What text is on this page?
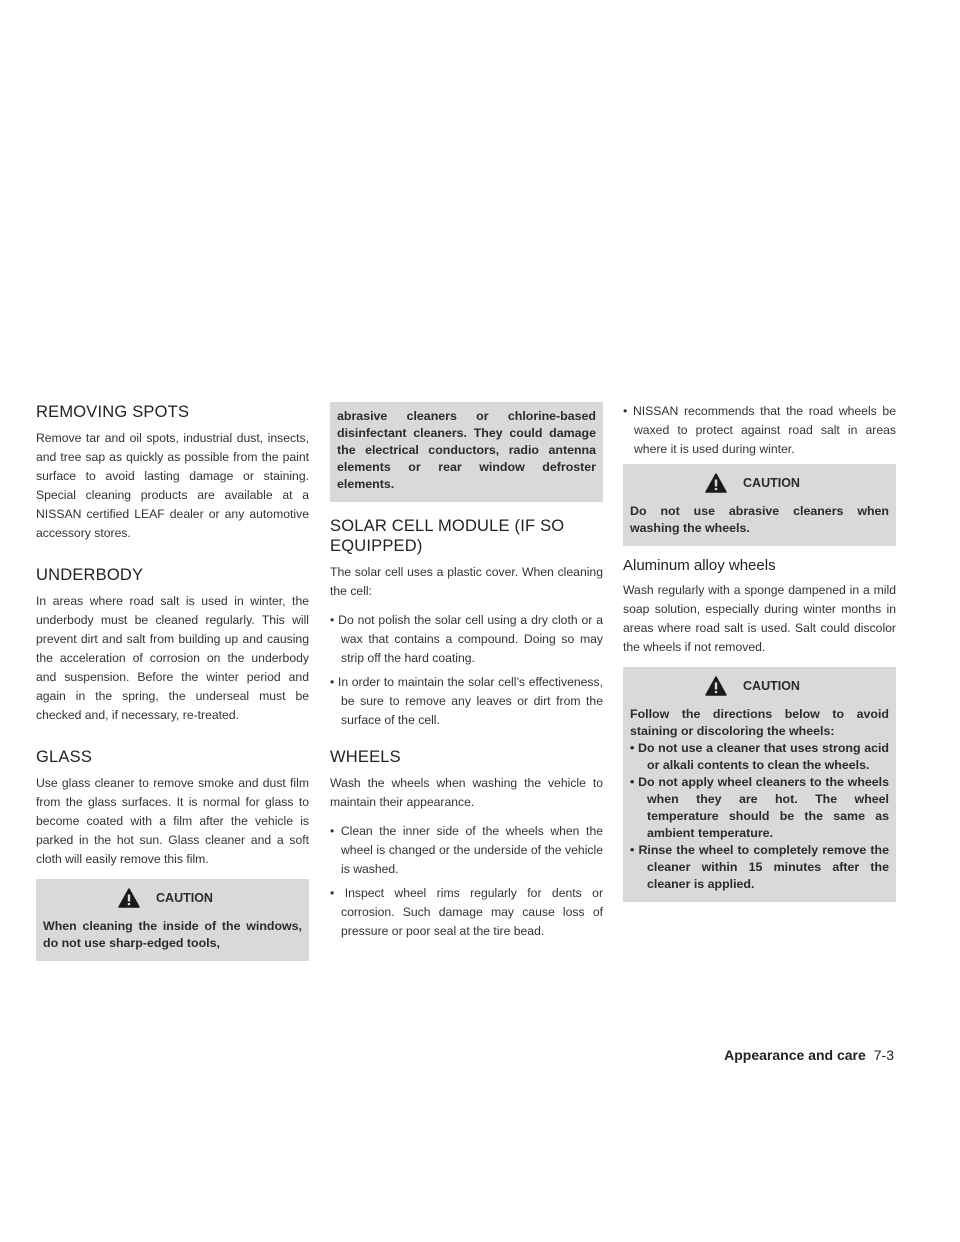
REMOVING SPOTS

Remove tar and oil spots, industrial dust, insects, and tree sap as quickly as possible from the paint surface to avoid lasting damage or staining. Special cleaning products are available at a NISSAN certified LEAF dealer or any automotive accessory stores.

UNDERBODY

In areas where road salt is used in winter, the underbody must be cleaned regularly. This will prevent dirt and salt from building up and causing the acceleration of corrosion on the underbody and suspension. Before the winter period and again in the spring, the underseal must be checked and, if necessary, re-treated.

GLASS

Use glass cleaner to remove smoke and dust film from the glass surfaces. It is normal for glass to become coated with a film after the vehicle is parked in the hot sun. Glass cleaner and a soft cloth will easily remove this film.

CAUTION

When cleaning the inside of the windows, do not use sharp-edged tools,

abrasive cleaners or chlorine-based disinfectant cleaners. They could damage the electrical conductors, radio antenna elements or rear window defroster elements.

SOLAR CELL MODULE (IF SO EQUIPPED)

The solar cell uses a plastic cover. When cleaning the cell:

• Do not polish the solar cell using a dry cloth or a wax that contains a compound. Doing so may strip off the hard coating.

• In order to maintain the solar cell’s effectiveness, be sure to remove any leaves or dirt from the surface of the cell.

WHEELS

Wash the wheels when washing the vehicle to maintain their appearance.

• Clean the inner side of the wheels when the wheel is changed or the underside of the vehicle is washed.

• Inspect wheel rims regularly for dents or corrosion. Such damage may cause loss of pressure or poor seal at the tire bead.

• NISSAN recommends that the road wheels be waxed to protect against road salt in areas where it is used during winter.

CAUTION

Do not use abrasive cleaners when washing the wheels.

Aluminum alloy wheels

Wash regularly with a sponge dampened in a mild soap solution, especially during winter months in areas where road salt is used. Salt could discolor the wheels if not removed.

CAUTION

Follow the directions below to avoid staining or discoloring the wheels:

• Do not use a cleaner that uses strong acid or alkali contents to clean the wheels.

• Do not apply wheel cleaners to the wheels when they are hot. The wheel temperature should be the same as ambient temperature.

• Rinse the wheel to completely remove the cleaner within 15 minutes after the cleaner is applied.

Appearance and care 7-3
